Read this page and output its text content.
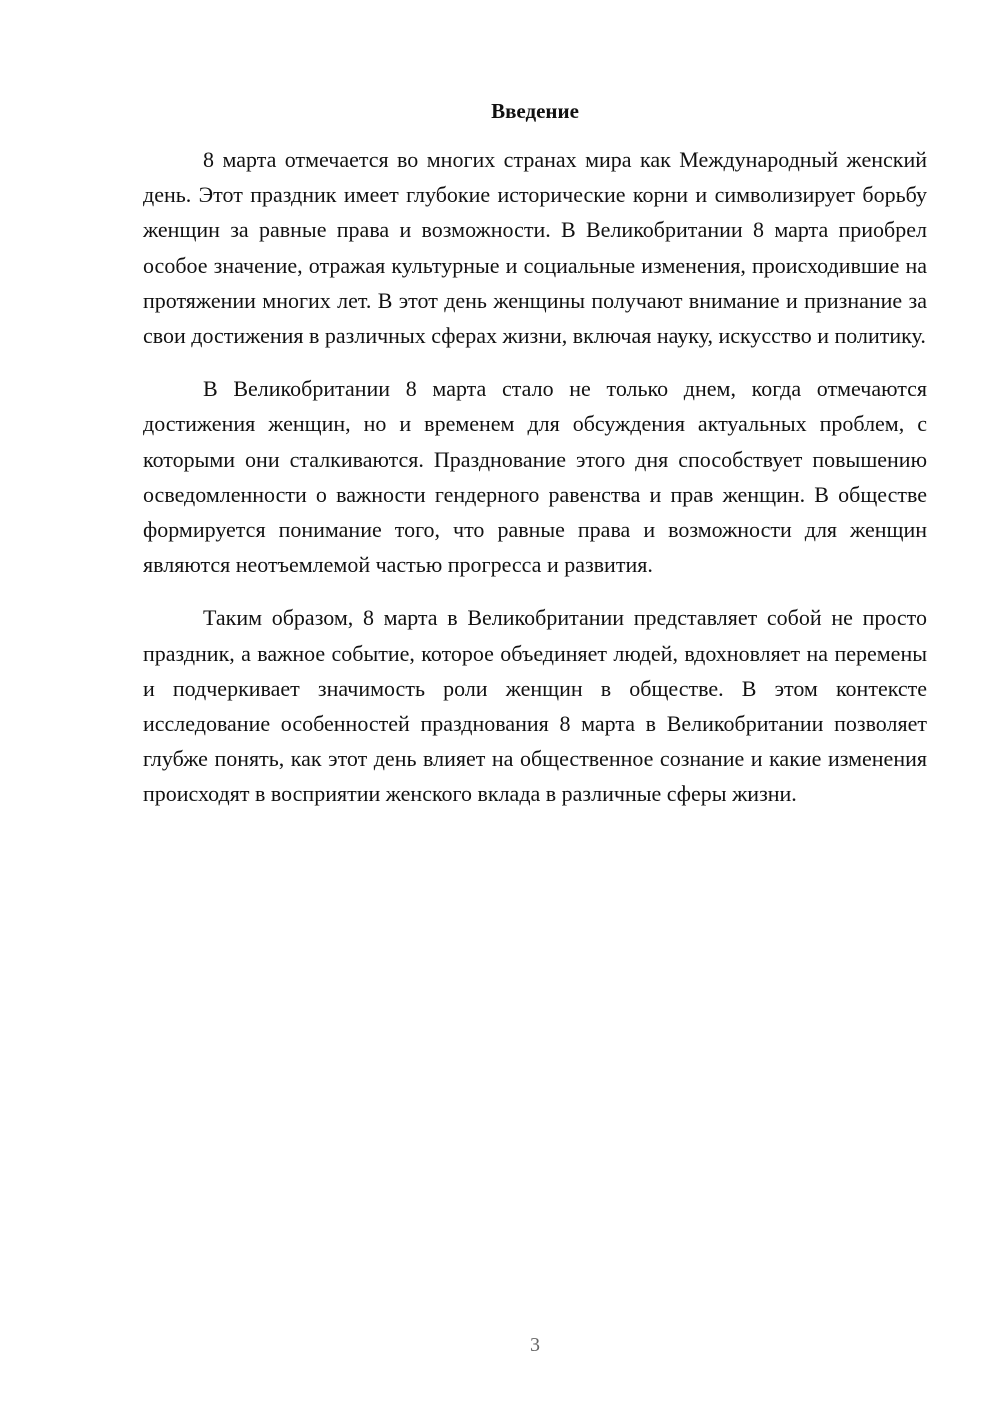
Введение

8 марта отмечается во многих странах мира как Международный женский день. Этот праздник имеет глубокие исторические корни и символизирует борьбу женщин за равные права и возможности. В Великобритании 8 марта приобрел особое значение, отражая культурные и социальные изменения, происходившие на протяжении многих лет. В этот день женщины получают внимание и признание за свои достижения в различных сферах жизни, включая науку, искусство и политику.

В Великобритании 8 марта стало не только днем, когда отмечаются достижения женщин, но и временем для обсуждения актуальных проблем, с которыми они сталкиваются. Празднование этого дня способствует повышению осведомленности о важности гендерного равенства и прав женщин. В обществе формируется понимание того, что равные права и возможности для женщин являются неотъемлемой частью прогресса и развития.

Таким образом, 8 марта в Великобритании представляет собой не просто праздник, а важное событие, которое объединяет людей, вдохновляет на перемены и подчеркивает значимость роли женщин в обществе. В этом контексте исследование особенностей празднования 8 марта в Великобритании позволяет глубже понять, как этот день влияет на общественное сознание и какие изменения происходят в восприятии женского вклада в различные сферы жизни.

3
